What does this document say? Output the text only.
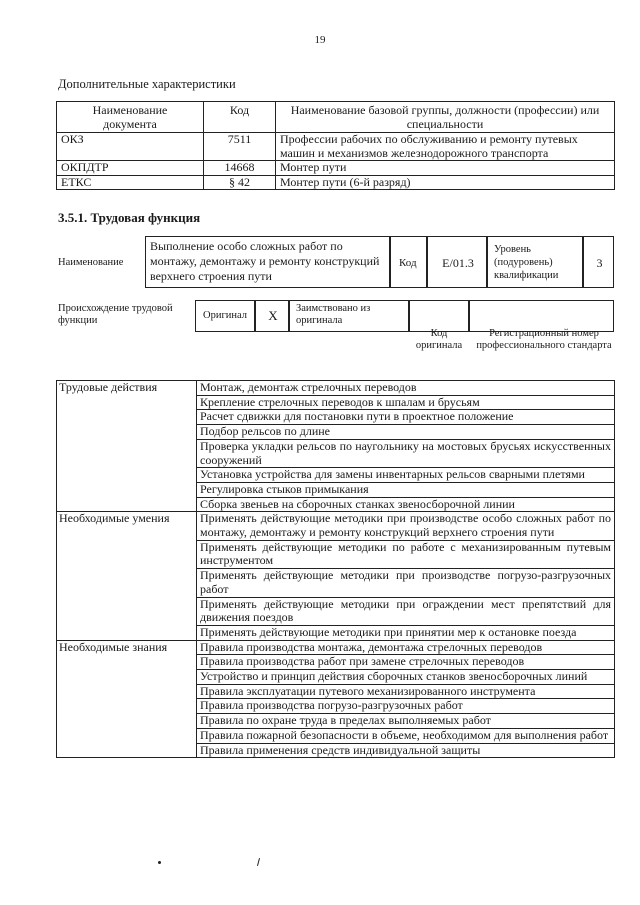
19
Дополнительные характеристики
Наименование документа	Код	Наименование базовой группы, должности (профессии) или специальности
ОКЗ	7511	Профессии рабочих по обслуживанию и ремонту путевых машин и механизмов железнодорожного транспорта
ОКПДТР	14668	Монтер пути
ЕТКС	§ 42	Монтер пути (6-й разряд)
3.5.1. Трудовая функция
Наименование
Выполнение особо сложных работ по монтажу, демонтажу и ремонту конструкций верхнего строения пути
Код	E/01.3
Уровень (подуровень) квалификации
3
Происхождение трудовой функции	Оригинал	X	Заимствовано из оригинала
Код оригинала
Регистрационный номер профессионального стандарта
Трудовые действия	Монтаж, демонтаж стрелочных переводов
	Крепление стрелочных переводов к шпалам и брусьям
	Расчет сдвижки для постановки пути в проектное положение
	Подбор рельсов по длине
	Проверка укладки рельсов по наугольнику на мостовых брусьях искусственных сооружений
	Установка устройства для замены инвентарных рельсов сварными плетями
	Регулировка стыков примыкания
	Сборка звеньев на сборочных станках звеносборочной линии
Необходимые умения	Применять действующие методики при производстве особо сложных работ по монтажу, демонтажу и ремонту конструкций верхнего строения пути
	Применять действующие методики по работе с механизированным путевым инструментом
	Применять действующие методики при производстве погрузо-разгрузочных работ
	Применять действующие методики при ограждении мест препятствий для движения поездов
	Применять действующие методики при принятии мер к остановке поезда
Необходимые знания	Правила производства монтажа, демонтажа стрелочных переводов
	Правила производства работ при замене стрелочных переводов
	Устройство и принцип действия сборочных станков звеносборочных линий
	Правила эксплуатации путевого механизированного инструмента
	Правила производства погрузо-разгрузочных работ
	Правила по охране труда в пределах выполняемых работ
	Правила пожарной безопасности в объеме, необходимом для выполнения работ
	Правила применения средств индивидуальной защиты
